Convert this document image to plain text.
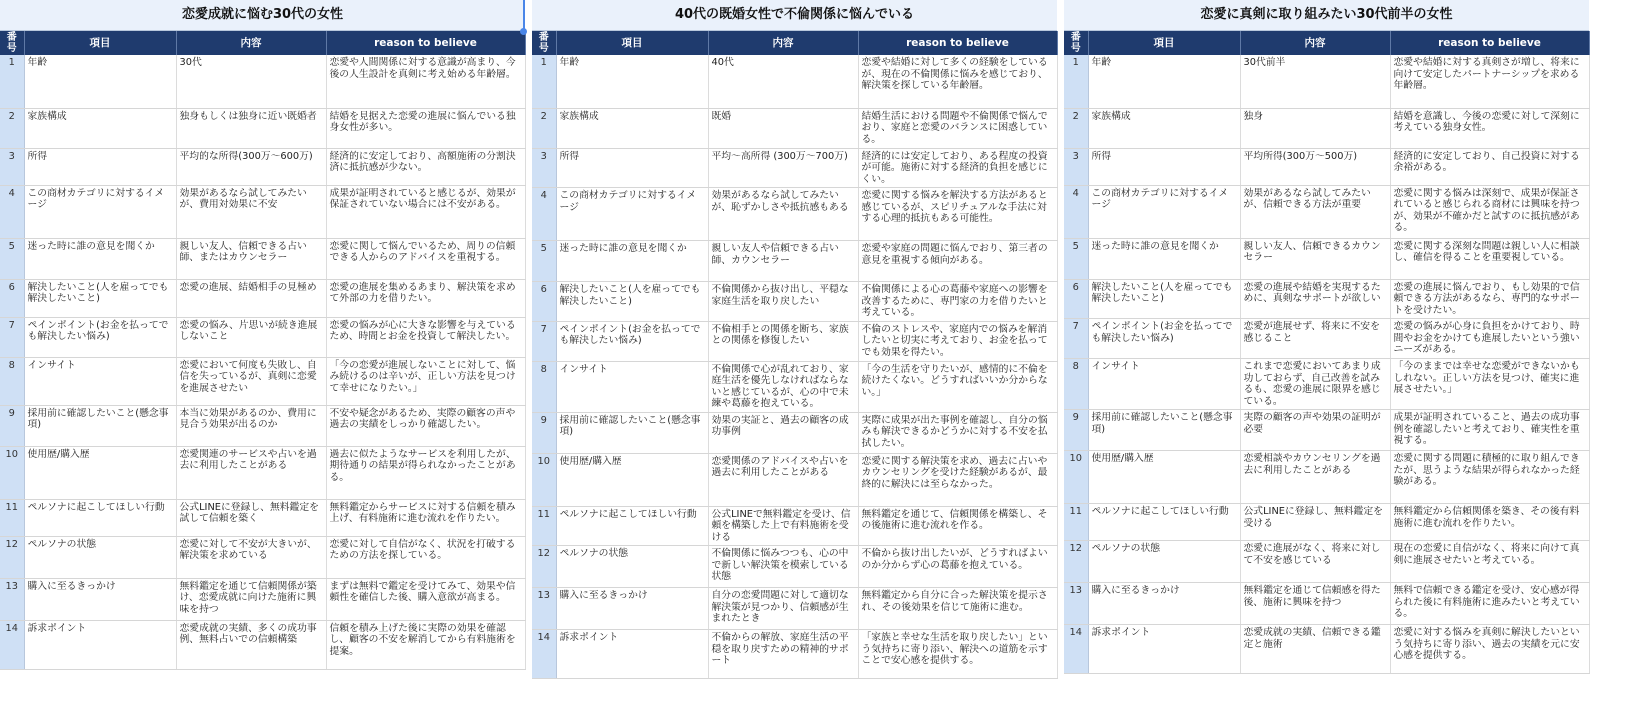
恋愛成就に悩む30代の女性
番号	項目	内容	reason to believe
1	年齢	30代	恋愛や人間関係に対する意識が高まり、今後の人生設計を真剣に考え始める年齢層。
2	家族構成	独身もしくは独身に近い既婚者	結婚を見据えた恋愛の進展に悩んでいる独身女性が多い。
3	所得	平均的な所得(300万〜600万)	経済的に安定しており、高額施術の分割決済に抵抗感が少ない。
4	この商材カテゴリに対するイメージ	効果があるなら試してみたいが、費用対効果に不安	成果が証明されていると感じるが、効果が保証されていない場合には不安がある。
5	迷った時に誰の意見を聞くか	親しい友人、信頼できる占い師、またはカウンセラー	恋愛に関して悩んでいるため、周りの信頼できる人からのアドバイスを重視する。
6	解決したいこと(人を雇ってでも解決したいこと)	恋愛の進展、結婚相手の見極め	恋愛の進展を集めるあまり、解決策を求めて外部の力を借りたい。
7	ペインポイント(お金を払ってでも解決したい悩み)	恋愛の悩み、片思いが続き進展しないこと	恋愛の悩みが心に大きな影響を与えているため、時間とお金を投資して解決したい。
8	インサイト	恋愛において何度も失敗し、自信を失っているが、真剣に恋愛を進展させたい	「今の恋愛が進展しないことに対して、悩み続けるのは辛いが、正しい方法を見つけて幸せになりたい。」
9	採用前に確認したいこと(懸念事項)	本当に効果があるのか、費用に見合う効果が出るのか	不安や疑念があるため、実際の顧客の声や過去の実績をしっかり確認したい。
10	使用歴/購入歴	恋愛関連のサービスや占いを過去に利用したことがある	過去に似たようなサービスを利用したが、期待通りの結果が得られなかったことがある。
11	ペルソナに起こしてほしい行動	公式LINEに登録し、無料鑑定を試して信頼を築く	無料鑑定からサービスに対する信頼を積み上げ、有料施術に進む流れを作りたい。
12	ペルソナの状態	恋愛に対して不安が大きいが、解決策を求めている	恋愛に対して自信がなく、状況を打破するための方法を探している。
13	購入に至るきっかけ	無料鑑定を通じて信頼関係が築け、恋愛成就に向けた施術に興味を持つ	まずは無料で鑑定を受けてみて、効果や信頼性を確信した後、購入意欲が高まる。
14	訴求ポイント	恋愛成就の実績、多くの成功事例、無料占いでの信頼構築	信頼を積み上げた後に実際の効果を確認し、顧客の不安を解消してから有料施術を提案。
40代の既婚女性で不倫関係に悩んでいる
番号	項目	内容	reason to believe
1	年齢	40代	恋愛や結婚に対して多くの経験をしているが、現在の不倫関係に悩みを感じており、解決策を探している年齢層。
2	家族構成	既婚	結婚生活における問題や不倫関係で悩んでおり、家庭と恋愛のバランスに困惑している。
3	所得	平均〜高所得 (300万〜700万)	経済的には安定しており、ある程度の投資が可能。施術に対する経済的負担を感じにくい。
4	この商材カテゴリに対するイメージ	効果があるなら試してみたいが、恥ずかしさや抵抗感もある	恋愛に関する悩みを解決する方法があると感じているが、スピリチュアルな手法に対する心理的抵抗もある可能性。
5	迷った時に誰の意見を聞くか	親しい友人や信頼できる占い師、カウンセラー	恋愛や家庭の問題に悩んでおり、第三者の意見を重視する傾向がある。
6	解決したいこと(人を雇ってでも解決したいこと)	不倫関係から抜け出し、平穏な家庭生活を取り戻したい	不倫関係による心の葛藤や家庭への影響を改善するために、専門家の力を借りたいと考えている。
7	ペインポイント(お金を払ってでも解決したい悩み)	不倫相手との関係を断ち、家族との関係を修復したい	不倫のストレスや、家庭内での悩みを解消したいと切実に考えており、お金を払ってでも効果を得たい。
8	インサイト	不倫関係で心が乱れており、家庭生活を優先しなければならないと感じているが、心の中で未練や葛藤を抱えている。	「今の生活を守りたいが、感情的に不倫を続けたくない。どうすればいいか分からない。」
9	採用前に確認したいこと(懸念事項)	効果の実証と、過去の顧客の成功事例	実際に成果が出た事例を確認し、自分の悩みも解決できるかどうかに対する不安を払拭したい。
10	使用歴/購入歴	恋愛関係のアドバイスや占いを過去に利用したことがある	恋愛に関する解決策を求め、過去に占いやカウンセリングを受けた経験があるが、最終的に解決には至らなかった。
11	ペルソナに起こしてほしい行動	公式LINEで無料鑑定を受け、信頼を構築した上で有料施術を受ける	無料鑑定を通じて、信頼関係を構築し、その後施術に進む流れを作る。
12	ペルソナの状態	不倫関係に悩みつつも、心の中で新しい解決策を模索している状態	不倫から抜け出したいが、どうすればよいのか分からず心の葛藤を抱えている。
13	購入に至るきっかけ	自分の恋愛問題に対して適切な解決策が見つかり、信頼感が生まれたとき	無料鑑定から自分に合った解決策を提示され、その後効果を信じて施術に進む。
14	訴求ポイント	不倫からの解放、家庭生活の平穏を取り戻すための精神的サポート	「家族と幸せな生活を取り戻したい」という気持ちに寄り添い、解決への道筋を示すことで安心感を提供する。
恋愛に真剣に取り組みたい30代前半の女性
番号	項目	内容	reason to believe
1	年齢	30代前半	恋愛や結婚に対する真剣さが増し、将来に向けて安定したパートナーシップを求める年齢層。
2	家族構成	独身	結婚を意識し、今後の恋愛に対して深刻に考えている独身女性。
3	所得	平均所得(300万〜500万)	経済的に安定しており、自己投資に対する余裕がある。
4	この商材カテゴリに対するイメージ	効果があるなら試してみたいが、信頼できる方法が重要	恋愛に関する悩みは深刻で、成果が保証されていると感じられる商材には興味を持つが、効果が不確かだと試すのに抵抗感がある。
5	迷った時に誰の意見を聞くか	親しい友人、信頼できるカウンセラー	恋愛に関する深刻な問題は親しい人に相談し、確信を得ることを重要視している。
6	解決したいこと(人を雇ってでも解決したいこと)	恋愛の進展や結婚を実現するために、真剣なサポートが欲しい	恋愛の進展に悩んでおり、もし効果的で信頼できる方法があるなら、専門的なサポートを受けたい。
7	ペインポイント(お金を払ってでも解決したい悩み)	恋愛が進展せず、将来に不安を感じること	恋愛の悩みが心身に負担をかけており、時間やお金をかけても進展したいという強いニーズがある。
8	インサイト	これまで恋愛においてあまり成功しておらず、自己改善を試みるも、恋愛の進展に限界を感じている。	「今のままでは幸せな恋愛ができないかもしれない。正しい方法を見つけ、確実に進展させたい。」
9	採用前に確認したいこと(懸念事項)	実際の顧客の声や効果の証明が必要	成果が証明されていること、過去の成功事例を確認したいと考えており、確実性を重視する。
10	使用歴/購入歴	恋愛相談やカウンセリングを過去に利用したことがある	恋愛に関する問題に積極的に取り組んできたが、思うような結果が得られなかった経験がある。
11	ペルソナに起こしてほしい行動	公式LINEに登録し、無料鑑定を受ける	無料鑑定から信頼関係を築き、その後有料施術に進む流れを作りたい。
12	ペルソナの状態	恋愛に進展がなく、将来に対して不安を感じている	現在の恋愛に自信がなく、将来に向けて真剣に進展させたいと考えている。
13	購入に至るきっかけ	無料鑑定を通じて信頼感を得た後、施術に興味を持つ	無料で信頼できる鑑定を受け、安心感が得られた後に有料施術に進みたいと考えている。
14	訴求ポイント	恋愛成就の実績、信頼できる鑑定と施術	恋愛に対する悩みを真剣に解決したいという気持ちに寄り添い、過去の実績を元に安心感を提供する。
